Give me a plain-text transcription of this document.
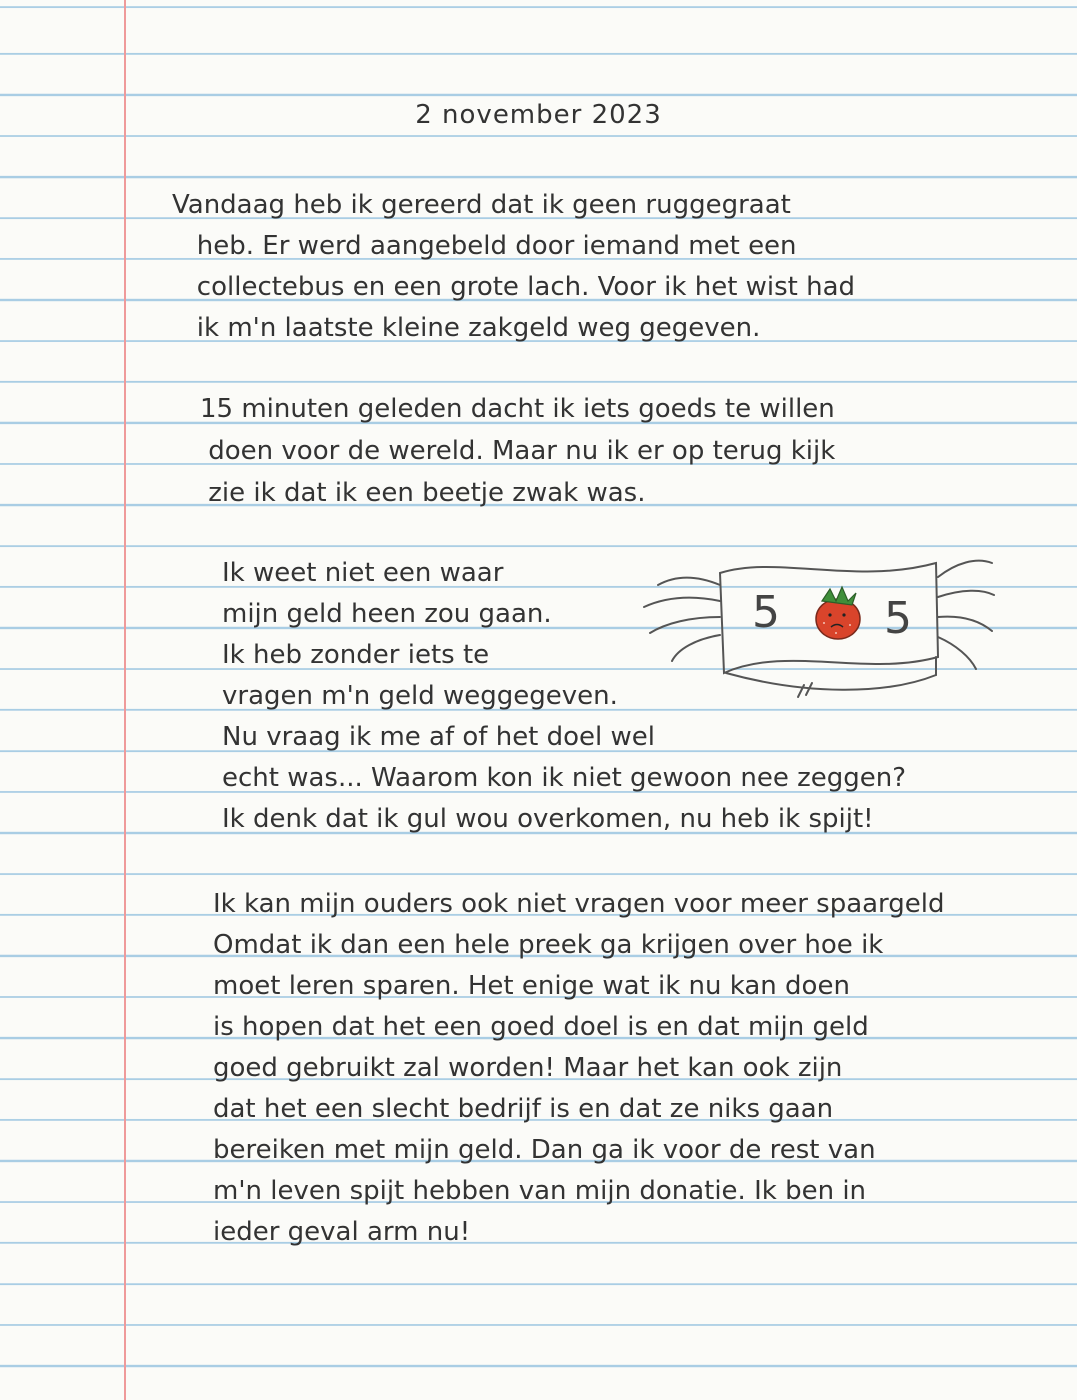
2 november 2023

Vandaag heb ik gereerd dat ik geen ruggegraat
heb. Er werd aangebeld door iemand met een
collectebus en een grote lach. Voor ik het wist had
ik m'n laatste kleine zakgeld weg gegeven.

15 minuten geleden dacht ik iets goeds te willen
doen voor de wereld. Maar nu ik er op terug kijk
zie ik dat ik een beetje zwak was.

Ik weet niet een waar
mijn geld heen zou gaan.
Ik heb zonder iets te
vragen m'n geld weggegeven.
Nu vraag ik me af of het doel wel
echt was... Waarom kon ik niet gewoon nee zeggen?
Ik denk dat ik gul wou overkomen, nu heb ik spijt!

Ik kan mijn ouders ook niet vragen voor meer spaargeld
Omdat ik dan een hele preek ga krijgen over hoe ik
moet leren sparen. Het enige wat ik nu kan doen
is hopen dat het een goed doel is en dat mijn geld
goed gebruikt zal worden! Maar het kan ook zijn
dat het een slecht bedrijf is en dat ze niks gaan
bereiken met mijn geld. Dan ga ik voor de rest van
m'n leven spijt hebben van mijn donatie. Ik ben in
ieder geval arm nu!

5 5
